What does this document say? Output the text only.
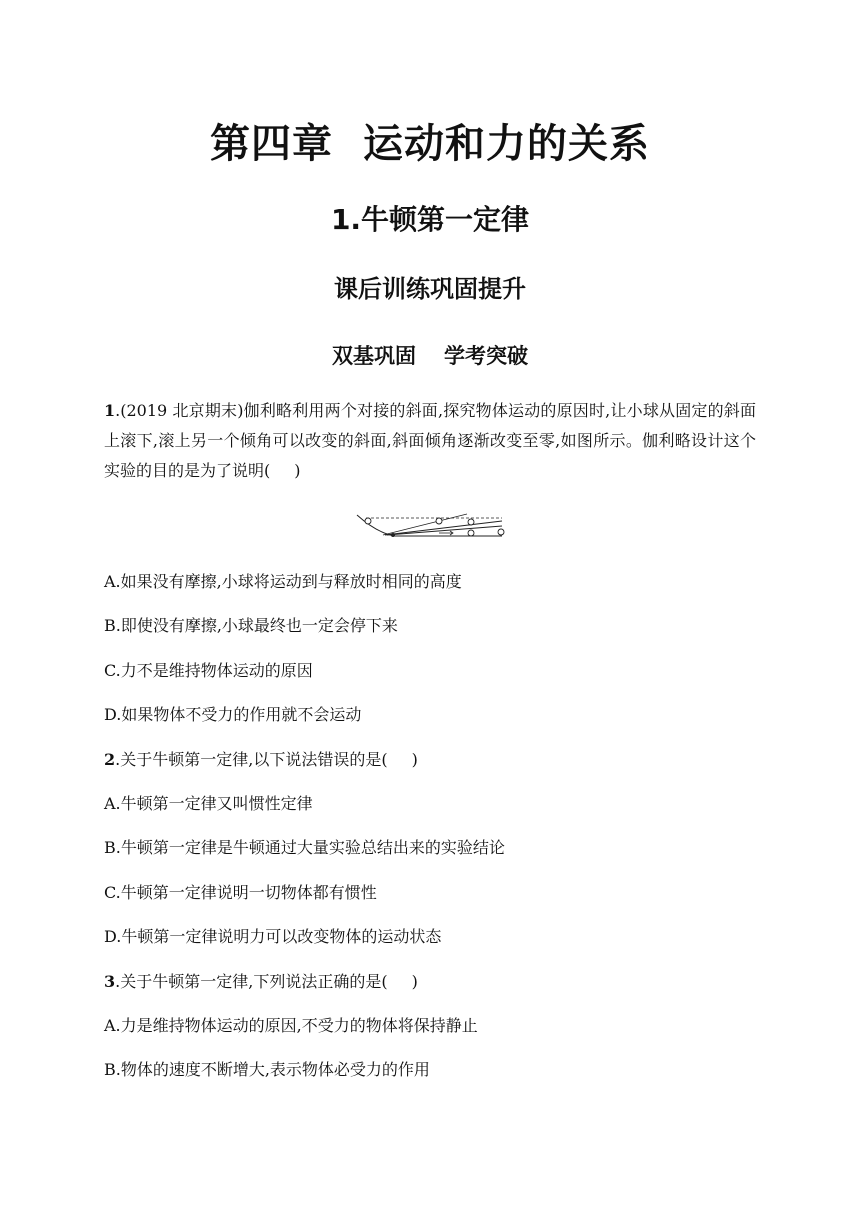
第四章 运动和力的关系
1.牛顿第一定律
课后训练巩固提升
双基巩固 学考突破
1.(2019 北京期末)伽利略利用两个对接的斜面,探究物体运动的原因时,让小球从固定的斜面上滚下,滚上另一个倾角可以改变的斜面,斜面倾角逐渐改变至零,如图所示。伽利略设计这个实验的目的是为了说明( )
A.如果没有摩擦,小球将运动到与释放时相同的高度
B.即使没有摩擦,小球最终也一定会停下来
C.力不是维持物体运动的原因
D.如果物体不受力的作用就不会运动
2.关于牛顿第一定律,以下说法错误的是( )
A.牛顿第一定律又叫惯性定律
B.牛顿第一定律是牛顿通过大量实验总结出来的实验结论
C.牛顿第一定律说明一切物体都有惯性
D.牛顿第一定律说明力可以改变物体的运动状态
3.关于牛顿第一定律,下列说法正确的是( )
A.力是维持物体运动的原因,不受力的物体将保持静止
B.物体的速度不断增大,表示物体必受力的作用
